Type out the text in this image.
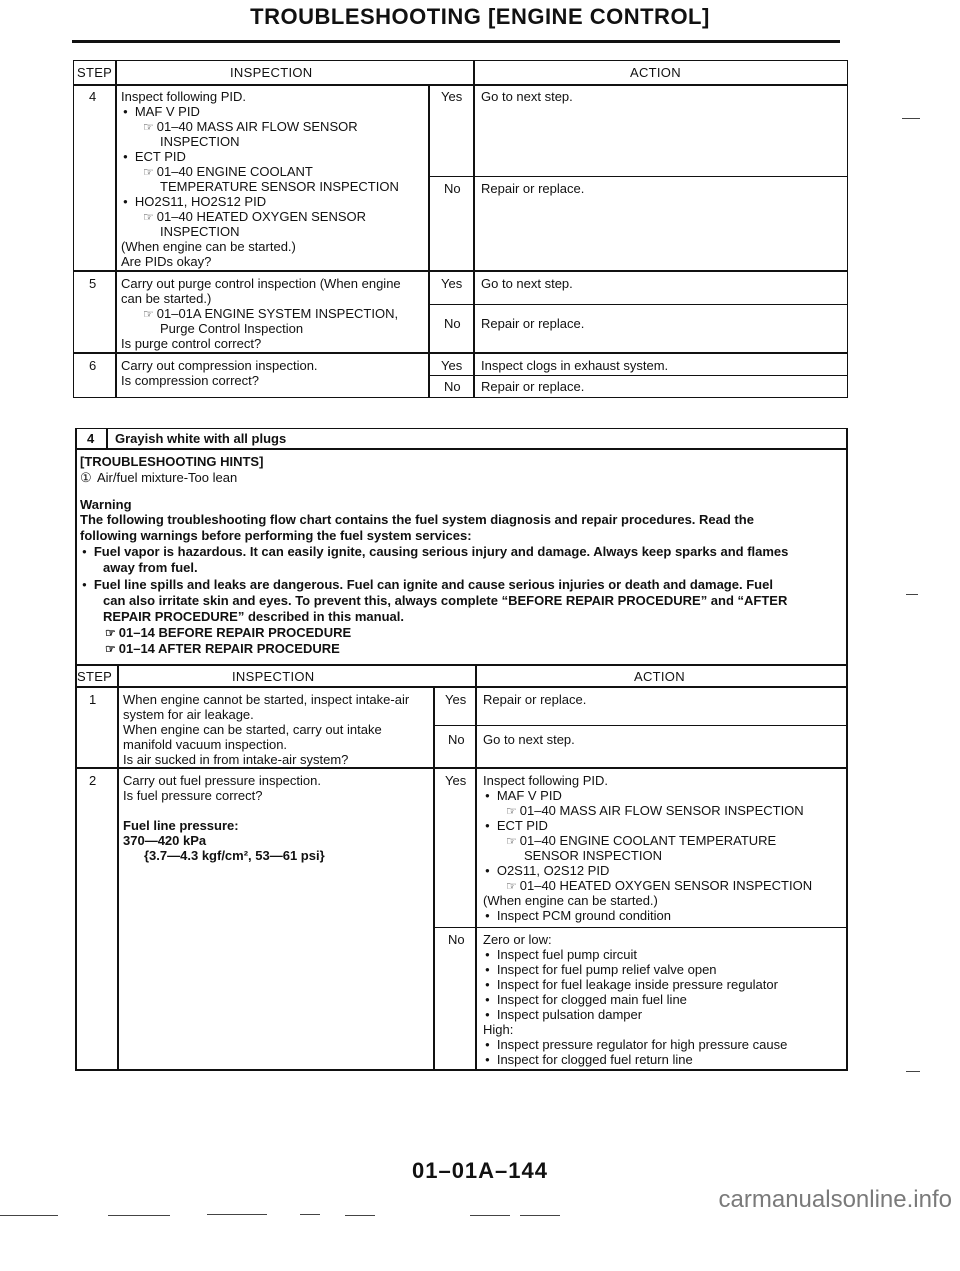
TROUBLESHOOTING [ENGINE CONTROL]
STEP	INSPECTION	ACTION
4 Inspect following PID.
● MAF V PID
☞ 01–40 MASS AIR FLOW SENSOR
INSPECTION
● ECT PID
☞ 01–40 ENGINE COOLANT
TEMPERATURE SENSOR INSPECTION
● HO2S11, HO2S12 PID
☞ 01–40 HEATED OXYGEN SENSOR
INSPECTION
(When engine can be started.)
Are PIDs okay?
Yes Go to next step.
No Repair or replace.
5 Carry out purge control inspection (When engine
can be started.)
☞ 01–01A ENGINE SYSTEM INSPECTION,
Purge Control Inspection
Is purge control correct?
Yes Go to next step.
No Repair or replace.
6 Carry out compression inspection.
Is compression correct?
Yes Inspect clogs in exhaust system.
No Repair or replace.
4 Grayish white with all plugs
[TROUBLESHOOTING HINTS]
① Air/fuel mixture-Too lean
Warning
The following troubleshooting flow chart contains the fuel system diagnosis and repair procedures. Read the
following warnings before performing the fuel system services:
● Fuel vapor is hazardous. It can easily ignite, causing serious injury and damage. Always keep sparks and flames
away from fuel.
● Fuel line spills and leaks are dangerous. Fuel can ignite and cause serious injuries or death and damage. Fuel
can also irritate skin and eyes. To prevent this, always complete “BEFORE REPAIR PROCEDURE” and “AFTER
REPAIR PROCEDURE” described in this manual.
☞ 01–14 BEFORE REPAIR PROCEDURE
☞ 01–14 AFTER REPAIR PROCEDURE
STEP	INSPECTION	ACTION
1 When engine cannot be started, inspect intake-air
system for air leakage.
When engine can be started, carry out intake
manifold vacuum inspection.
Is air sucked in from intake-air system?
Yes Repair or replace.
No Go to next step.
2 Carry out fuel pressure inspection.
Is fuel pressure correct?
Fuel line pressure:
370—420 kPa
{3.7—4.3 kgf/cm², 53—61 psi}
Yes Inspect following PID.
● MAF V PID
☞ 01–40 MASS AIR FLOW SENSOR INSPECTION
● ECT PID
☞ 01–40 ENGINE COOLANT TEMPERATURE
SENSOR INSPECTION
● O2S11, O2S12 PID
☞ 01–40 HEATED OXYGEN SENSOR INSPECTION
(When engine can be started.)
● Inspect PCM ground condition
No Zero or low:
● Inspect fuel pump circuit
● Inspect for fuel pump relief valve open
● Inspect for fuel leakage inside pressure regulator
● Inspect for clogged main fuel line
● Inspect pulsation damper
High:
● Inspect pressure regulator for high pressure cause
● Inspect for clogged fuel return line
01–01A–144
carmanualsonline.info
